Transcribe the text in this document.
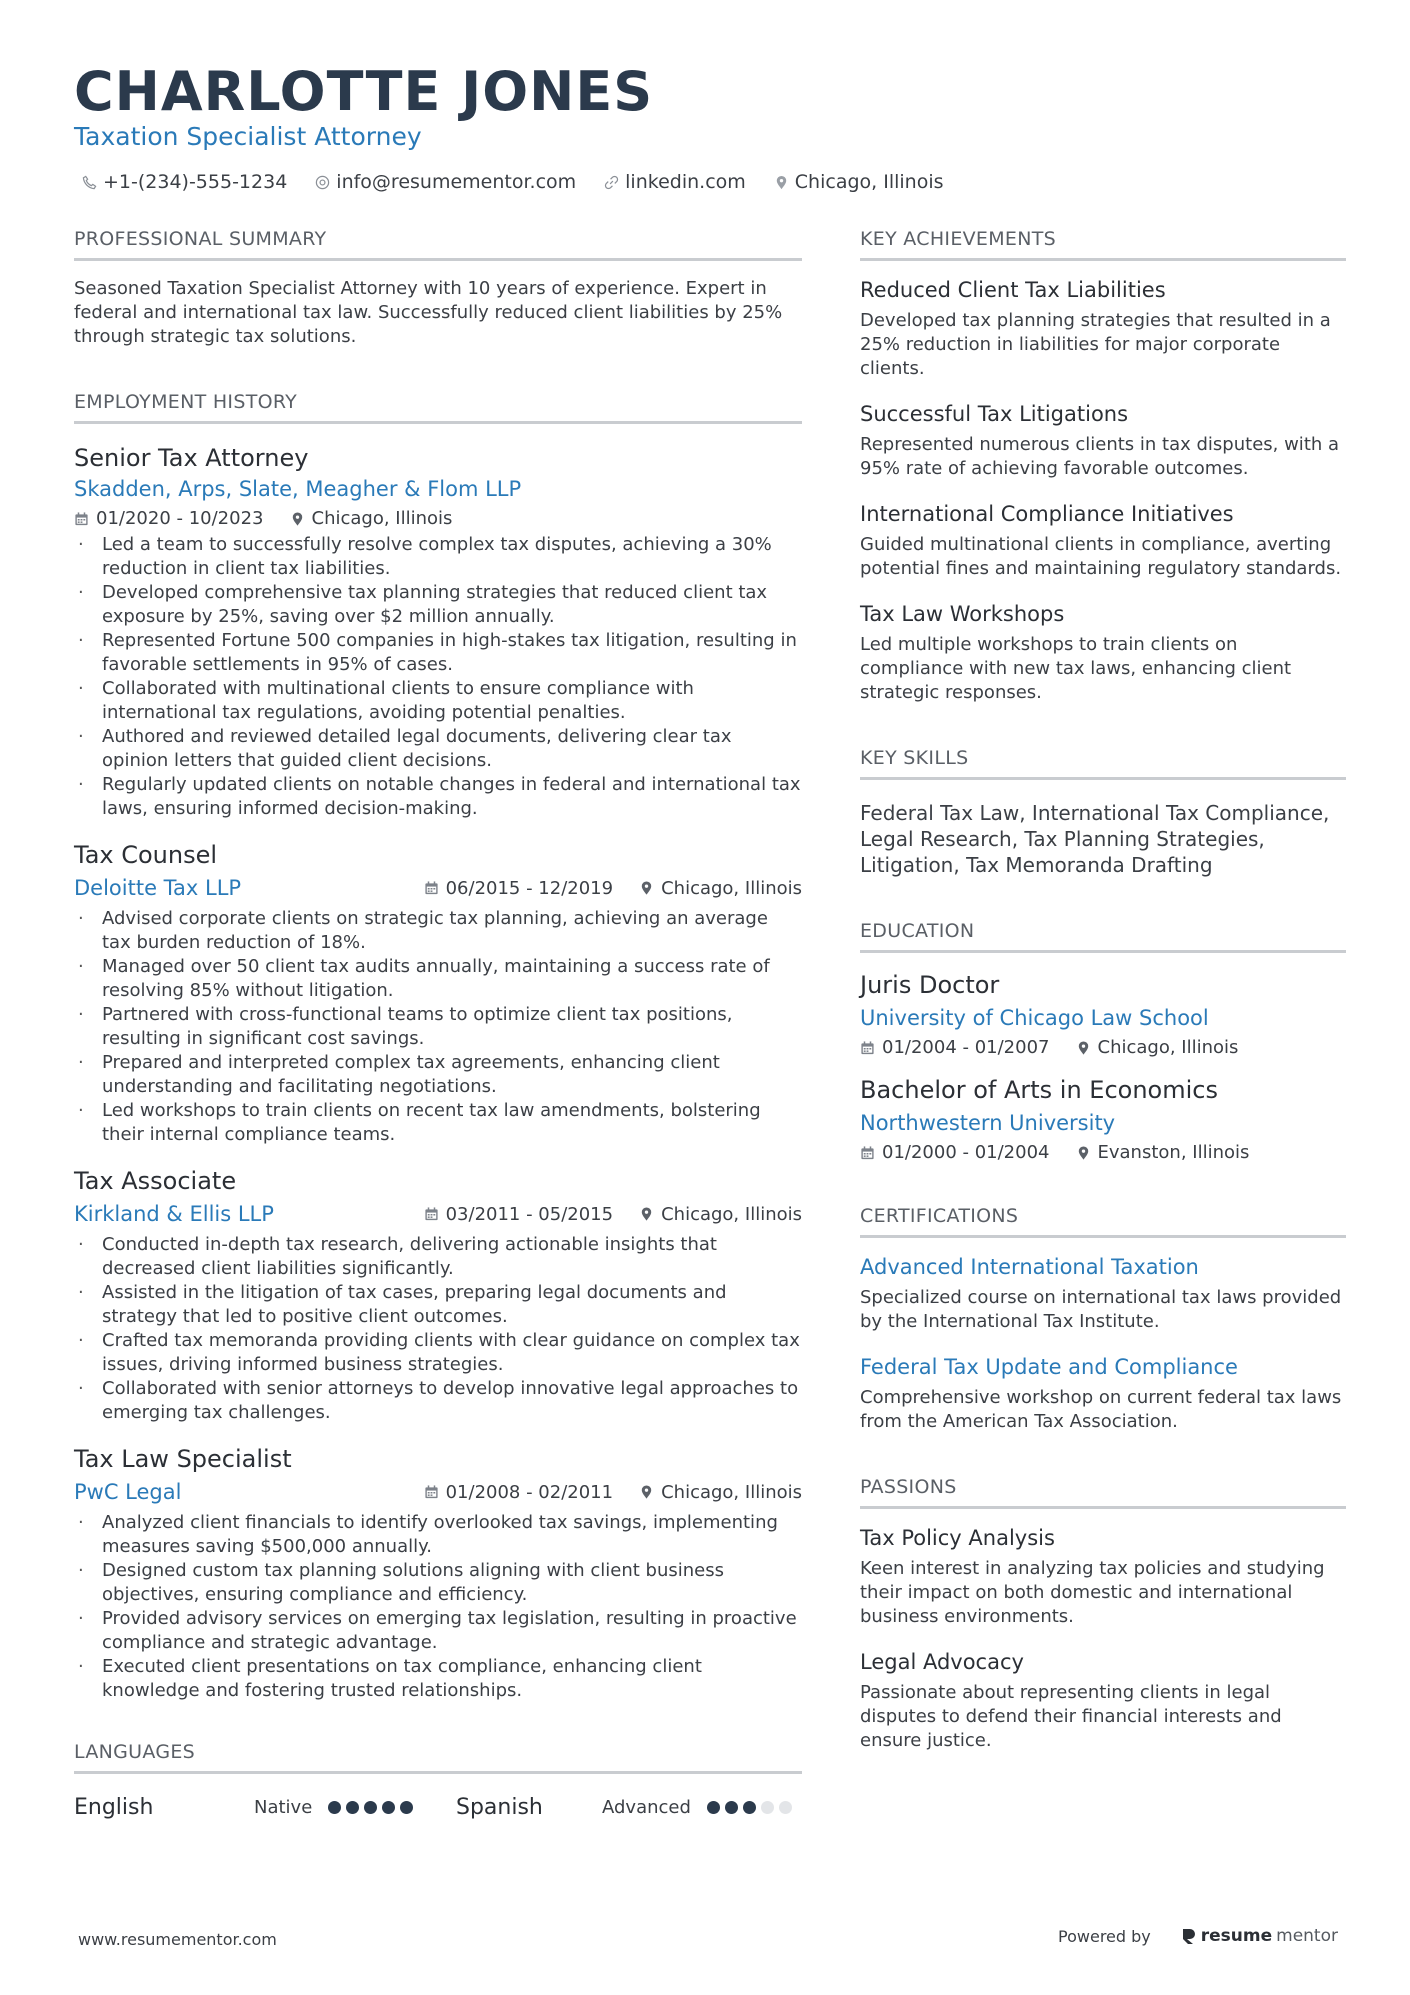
CHARLOTTE JONES
Taxation Specialist Attorney
+1-(234)-555-1234	info@resumementor.com	linkedin.com	Chicago, Illinois
PROFESSIONAL SUMMARY
Seasoned Taxation Specialist Attorney with 10 years of experience. Expert in federal and international tax law. Successfully reduced client liabilities by 25% through strategic tax solutions.
EMPLOYMENT HISTORY
Senior Tax Attorney
Skadden, Arps, Slate, Meagher & Flom LLP
01/2020 - 10/2023	Chicago, Illinois
· Led a team to successfully resolve complex tax disputes, achieving a 30% reduction in client tax liabilities.
· Developed comprehensive tax planning strategies that reduced client tax exposure by 25%, saving over $2 million annually.
· Represented Fortune 500 companies in high-stakes tax litigation, resulting in favorable settlements in 95% of cases.
· Collaborated with multinational clients to ensure compliance with international tax regulations, avoiding potential penalties.
· Authored and reviewed detailed legal documents, delivering clear tax opinion letters that guided client decisions.
· Regularly updated clients on notable changes in federal and international tax laws, ensuring informed decision-making.
Tax Counsel
Deloitte Tax LLP	06/2015 - 12/2019	Chicago, Illinois
· Advised corporate clients on strategic tax planning, achieving an average tax burden reduction of 18%.
· Managed over 50 client tax audits annually, maintaining a success rate of resolving 85% without litigation.
· Partnered with cross-functional teams to optimize client tax positions, resulting in significant cost savings.
· Prepared and interpreted complex tax agreements, enhancing client understanding and facilitating negotiations.
· Led workshops to train clients on recent tax law amendments, bolstering their internal compliance teams.
Tax Associate
Kirkland & Ellis LLP	03/2011 - 05/2015	Chicago, Illinois
· Conducted in-depth tax research, delivering actionable insights that decreased client liabilities significantly.
· Assisted in the litigation of tax cases, preparing legal documents and strategy that led to positive client outcomes.
· Crafted tax memoranda providing clients with clear guidance on complex tax issues, driving informed business strategies.
· Collaborated with senior attorneys to develop innovative legal approaches to emerging tax challenges.
Tax Law Specialist
PwC Legal	01/2008 - 02/2011	Chicago, Illinois
· Analyzed client financials to identify overlooked tax savings, implementing measures saving $500,000 annually.
· Designed custom tax planning solutions aligning with client business objectives, ensuring compliance and efficiency.
· Provided advisory services on emerging tax legislation, resulting in proactive compliance and strategic advantage.
· Executed client presentations on tax compliance, enhancing client knowledge and fostering trusted relationships.
LANGUAGES
English	Native	Spanish	Advanced
KEY ACHIEVEMENTS
Reduced Client Tax Liabilities
Developed tax planning strategies that resulted in a 25% reduction in liabilities for major corporate clients.
Successful Tax Litigations
Represented numerous clients in tax disputes, with a 95% rate of achieving favorable outcomes.
International Compliance Initiatives
Guided multinational clients in compliance, averting potential fines and maintaining regulatory standards.
Tax Law Workshops
Led multiple workshops to train clients on compliance with new tax laws, enhancing client strategic responses.
KEY SKILLS
Federal Tax Law, International Tax Compliance, Legal Research, Tax Planning Strategies, Litigation, Tax Memoranda Drafting
EDUCATION
Juris Doctor
University of Chicago Law School
01/2004 - 01/2007	Chicago, Illinois
Bachelor of Arts in Economics
Northwestern University
01/2000 - 01/2004	Evanston, Illinois
CERTIFICATIONS
Advanced International Taxation
Specialized course on international tax laws provided by the International Tax Institute.
Federal Tax Update and Compliance
Comprehensive workshop on current federal tax laws from the American Tax Association.
PASSIONS
Tax Policy Analysis
Keen interest in analyzing tax policies and studying their impact on both domestic and international business environments.
Legal Advocacy
Passionate about representing clients in legal disputes to defend their financial interests and ensure justice.
www.resumementor.com	Powered by	resume mentor
